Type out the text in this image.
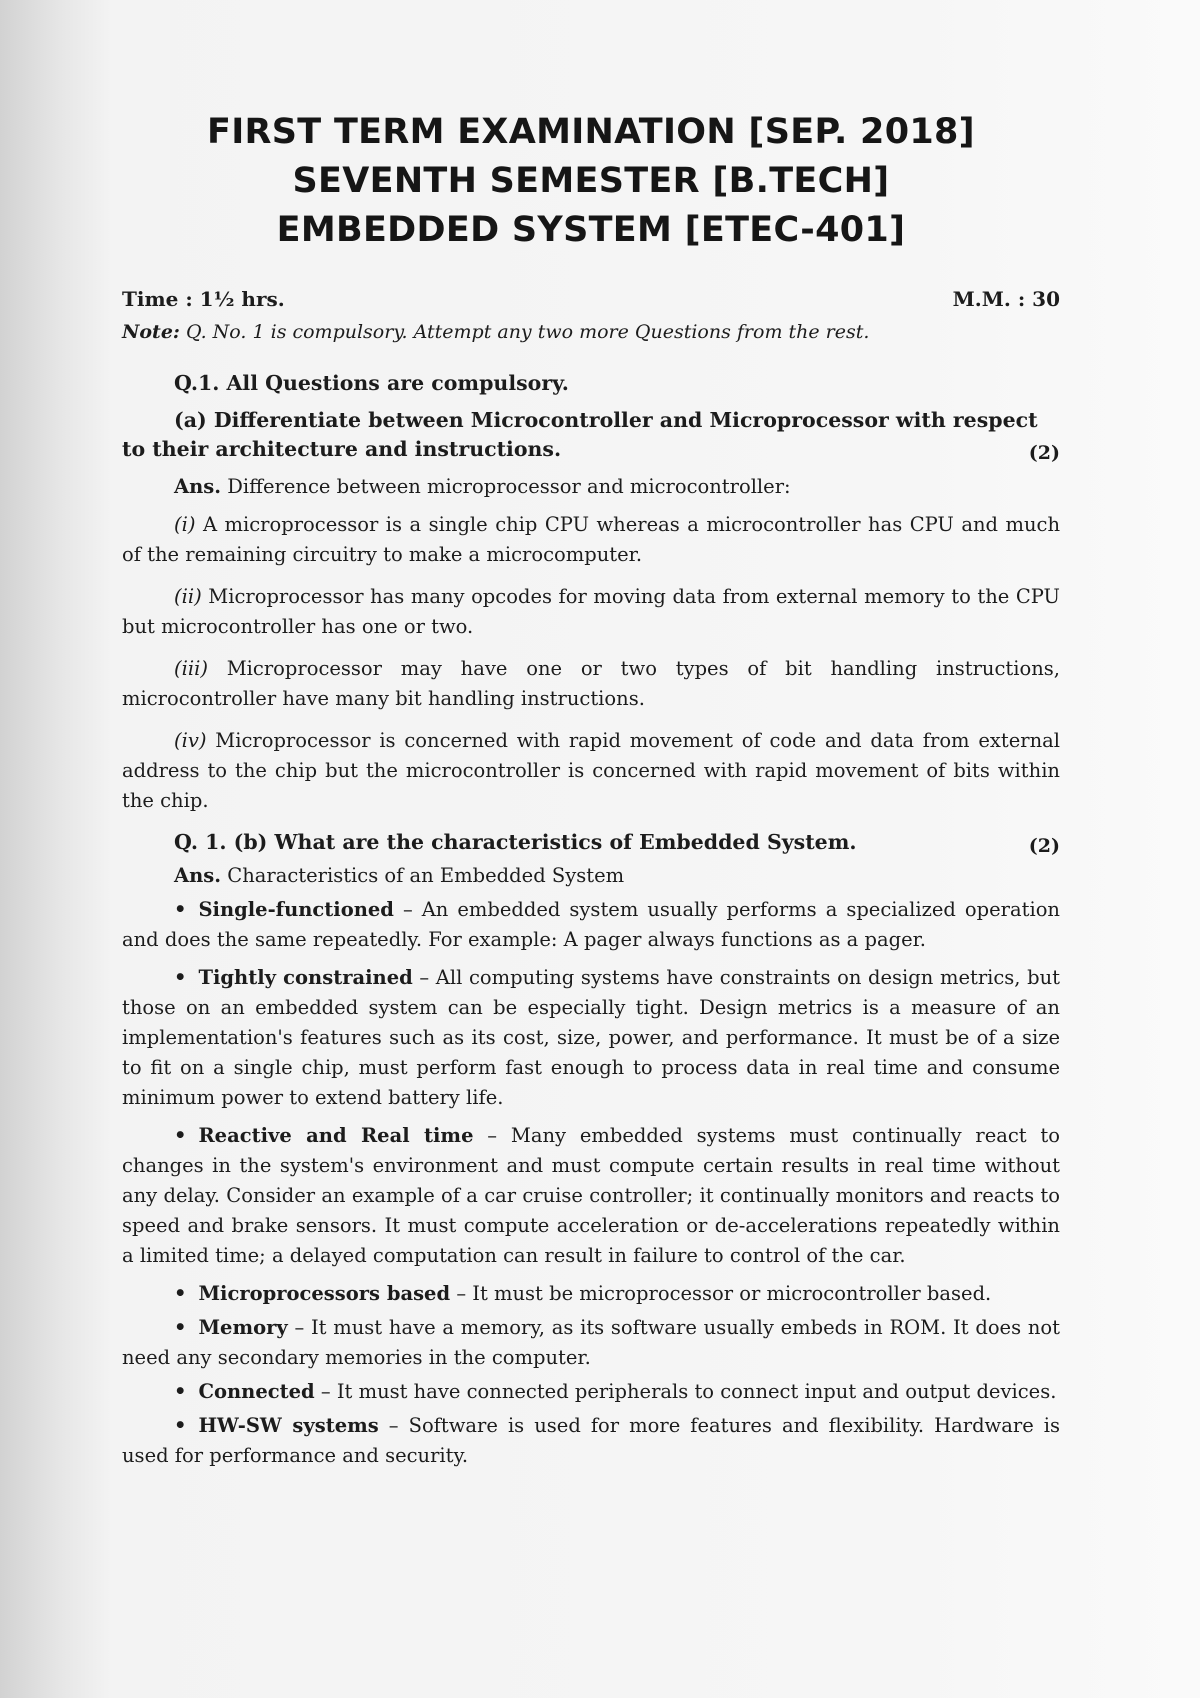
FIRST TERM EXAMINATION [SEP. 2018]
SEVENTH SEMESTER [B.TECH]
EMBEDDED SYSTEM [ETEC-401]
Time : 1½ hrs.	M.M. : 30
Note: Q. No. 1 is compulsory. Attempt any two more Questions from the rest.

Q.1. All Questions are compulsory.

(a) Differentiate between Microcontroller and Microprocessor with respect

to their architecture and instructions.	(2)

Ans. Difference between microprocessor and microcontroller:

(i) A microprocessor is a single chip CPU whereas a microcontroller has CPU and much of the remaining circuitry to make a microcomputer.

(ii) Microprocessor has many opcodes for moving data from external memory to the CPU but microcontroller has one or two.

(iii) Microprocessor may have one or two types of bit handling instructions, microcontroller have many bit handling instructions.

(iv) Microprocessor is concerned with rapid movement of code and data from external address to the chip but the microcontroller is concerned with rapid movement of bits within the chip.

Q. 1. (b) What are the characteristics of Embedded System.	(2)

Ans. Characteristics of an Embedded System

• Single-functioned – An embedded system usually performs a specialized operation and does the same repeatedly. For example: A pager always functions as a pager.

• Tightly constrained – All computing systems have constraints on design metrics, but those on an embedded system can be especially tight. Design metrics is a measure of an implementation's features such as its cost, size, power, and performance. It must be of a size to fit on a single chip, must perform fast enough to process data in real time and consume minimum power to extend battery life.

• Reactive and Real time – Many embedded systems must continually react to changes in the system's environment and must compute certain results in real time without any delay. Consider an example of a car cruise controller; it continually monitors and reacts to speed and brake sensors. It must compute acceleration or de-accelerations repeatedly within a limited time; a delayed computation can result in failure to control of the car.

• Microprocessors based – It must be microprocessor or microcontroller based.

• Memory – It must have a memory, as its software usually embeds in ROM. It does not need any secondary memories in the computer.

• Connected – It must have connected peripherals to connect input and output devices.

• HW-SW systems – Software is used for more features and flexibility. Hardware is used for performance and security.
